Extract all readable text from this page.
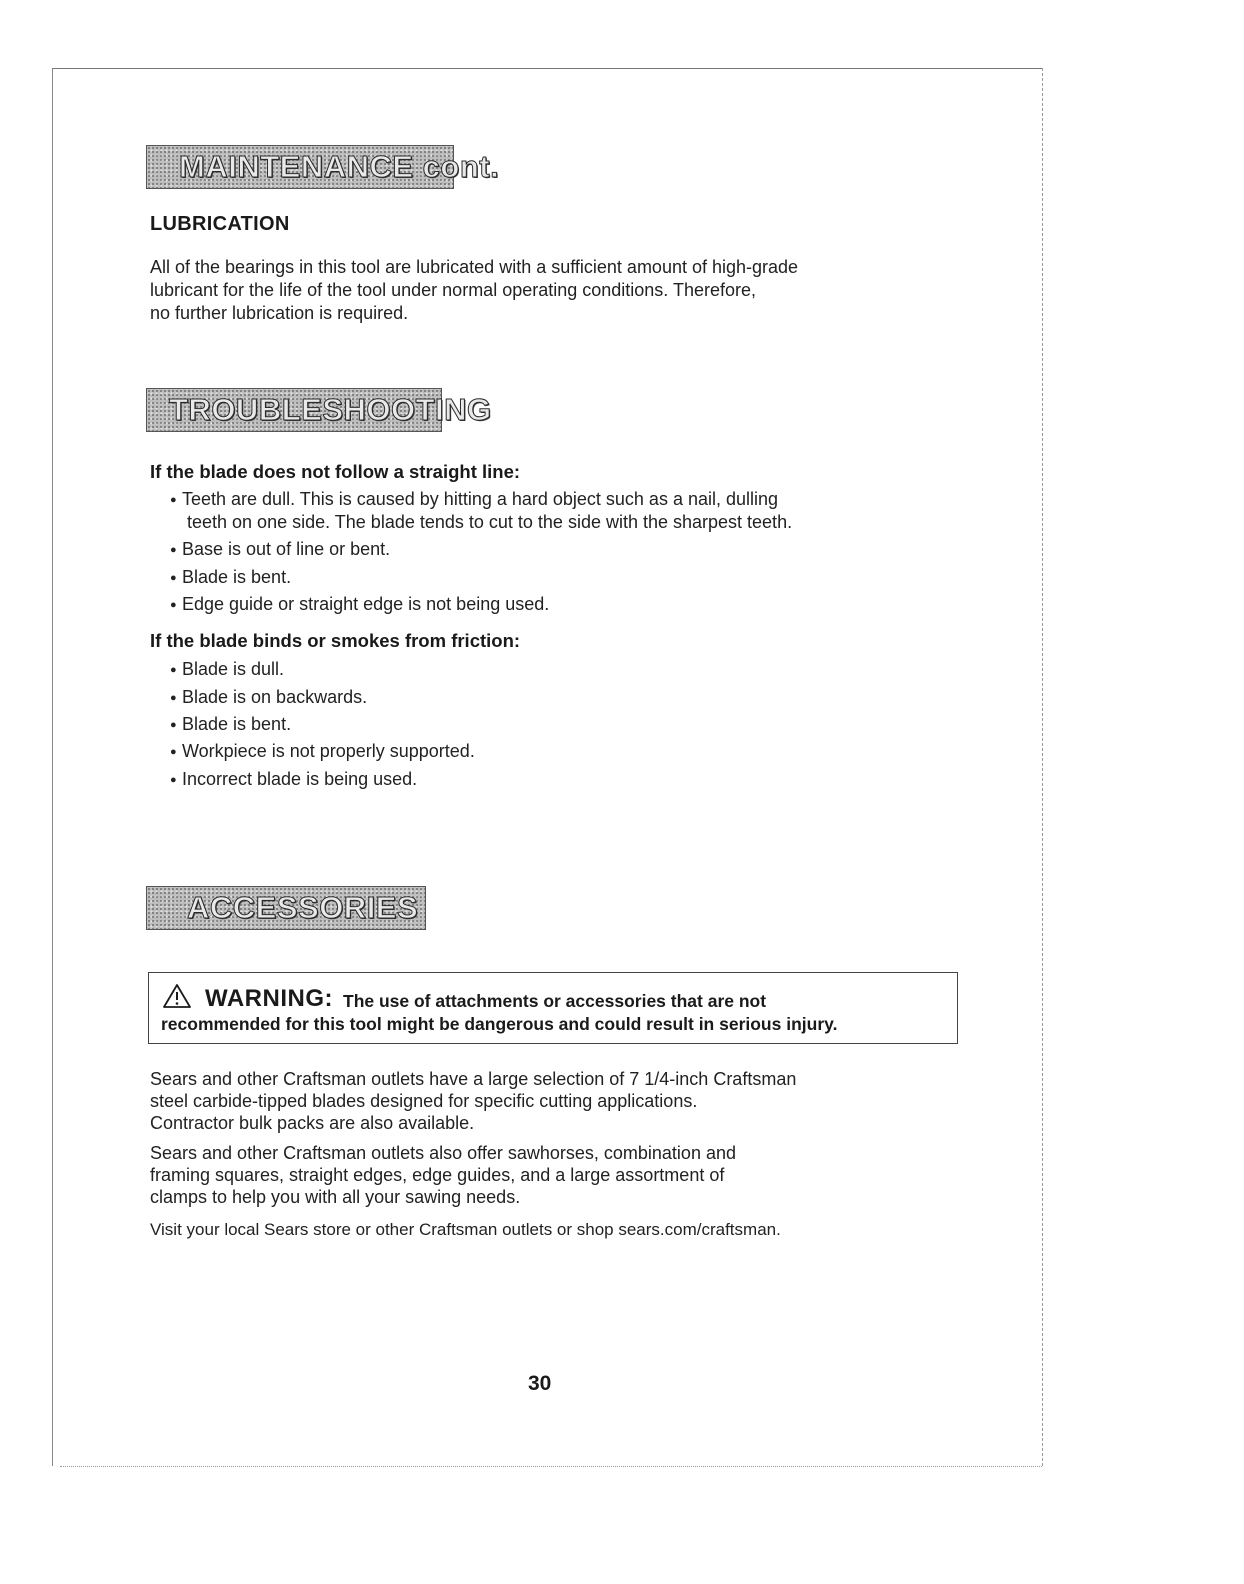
MAINTENANCE cont.
LUBRICATION

All of the bearings in this tool are lubricated with a sufficient amount of high-grade
lubricant for the life of the tool under normal operating conditions. Therefore,
no further lubrication is required.

TROUBLESHOOTING
If the blade does not follow a straight line:
● Teeth are dull. This is caused by hitting a hard object such as a nail, dulling
teeth on one side. The blade tends to cut to the side with the sharpest teeth.
● Base is out of line or bent.
● Blade is bent.
● Edge guide or straight edge is not being used.
If the blade binds or smokes from friction:
● Blade is dull.
● Blade is on backwards.
● Blade is bent.
● Workpiece is not properly supported.
● Incorrect blade is being used.
ACCESSORIES
WARNING: The use of attachments or accessories that are not
recommended for this tool might be dangerous and could result in serious injury.

Sears and other Craftsman outlets have a large selection of 7 1/4-inch Craftsman
steel carbide-tipped blades designed for specific cutting applications.
Contractor bulk packs are also available.

Sears and other Craftsman outlets also offer sawhorses, combination and
framing squares, straight edges, edge guides, and a large assortment of
clamps to help you with all your sawing needs.

Visit your local Sears store or other Craftsman outlets or shop sears.com/craftsman.

30
